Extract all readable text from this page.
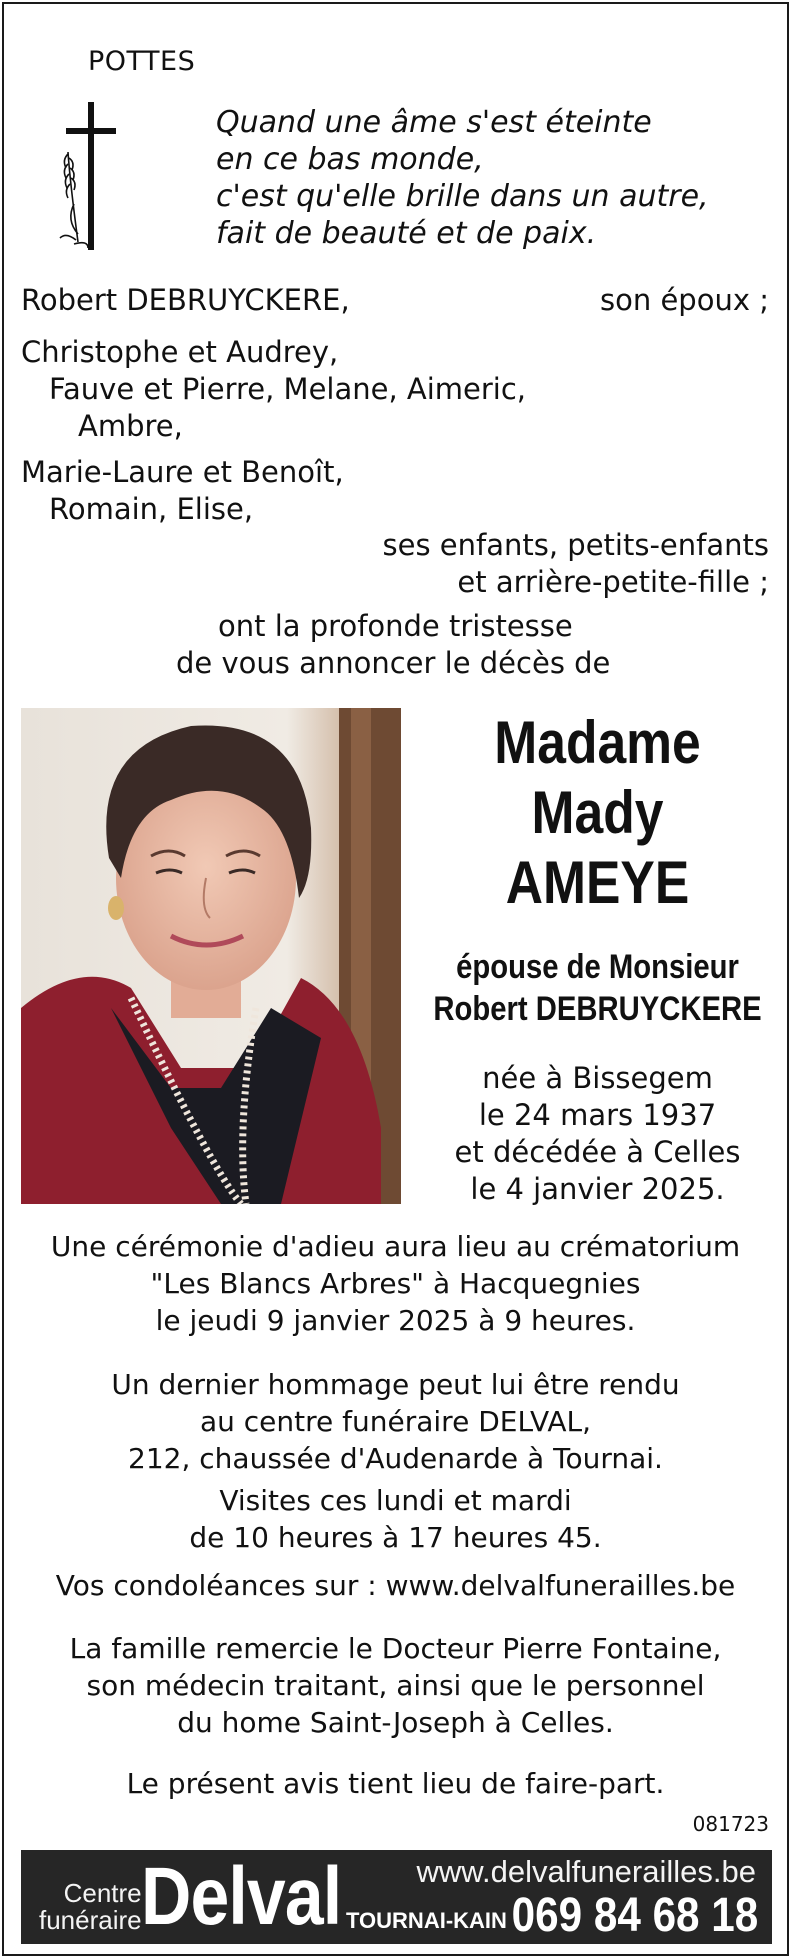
POTTES
Quand une âme s'est éteinte
en ce bas monde,
c'est qu'elle brille dans un autre,
fait de beauté et de paix.
Robert DEBRUYCKERE,	son époux ;
Christophe et Audrey,
Fauve et Pierre, Melane, Aimeric,
Ambre,
Marie-Laure et Benoît,
Romain, Elise,
ses enfants, petits-enfants
et arrière-petite-fille ;
ont la profonde tristesse
de vous annoncer le décès de
Madame
Mady
AMEYE
épouse de Monsieur
Robert DEBRUYCKERE
née à Bissegem
le 24 mars 1937
et décédée à Celles
le 4 janvier 2025.
Une cérémonie d'adieu aura lieu au crématorium
"Les Blancs Arbres" à Hacquegnies
le jeudi 9 janvier 2025 à 9 heures.
Un dernier hommage peut lui être rendu
au centre funéraire DELVAL,
212, chaussée d'Audenarde à Tournai.
Visites ces lundi et mardi
de 10 heures à 17 heures 45.
Vos condoléances sur : www.delvalfunerailles.be
La famille remercie le Docteur Pierre Fontaine,
son médecin traitant, ainsi que le personnel
du home Saint-Joseph à Celles.
Le présent avis tient lieu de faire-part.
081723
Centre
funéraire Delval www.delvalfunerailles.be
TOURNAI-KAIN 069 84 68 18
